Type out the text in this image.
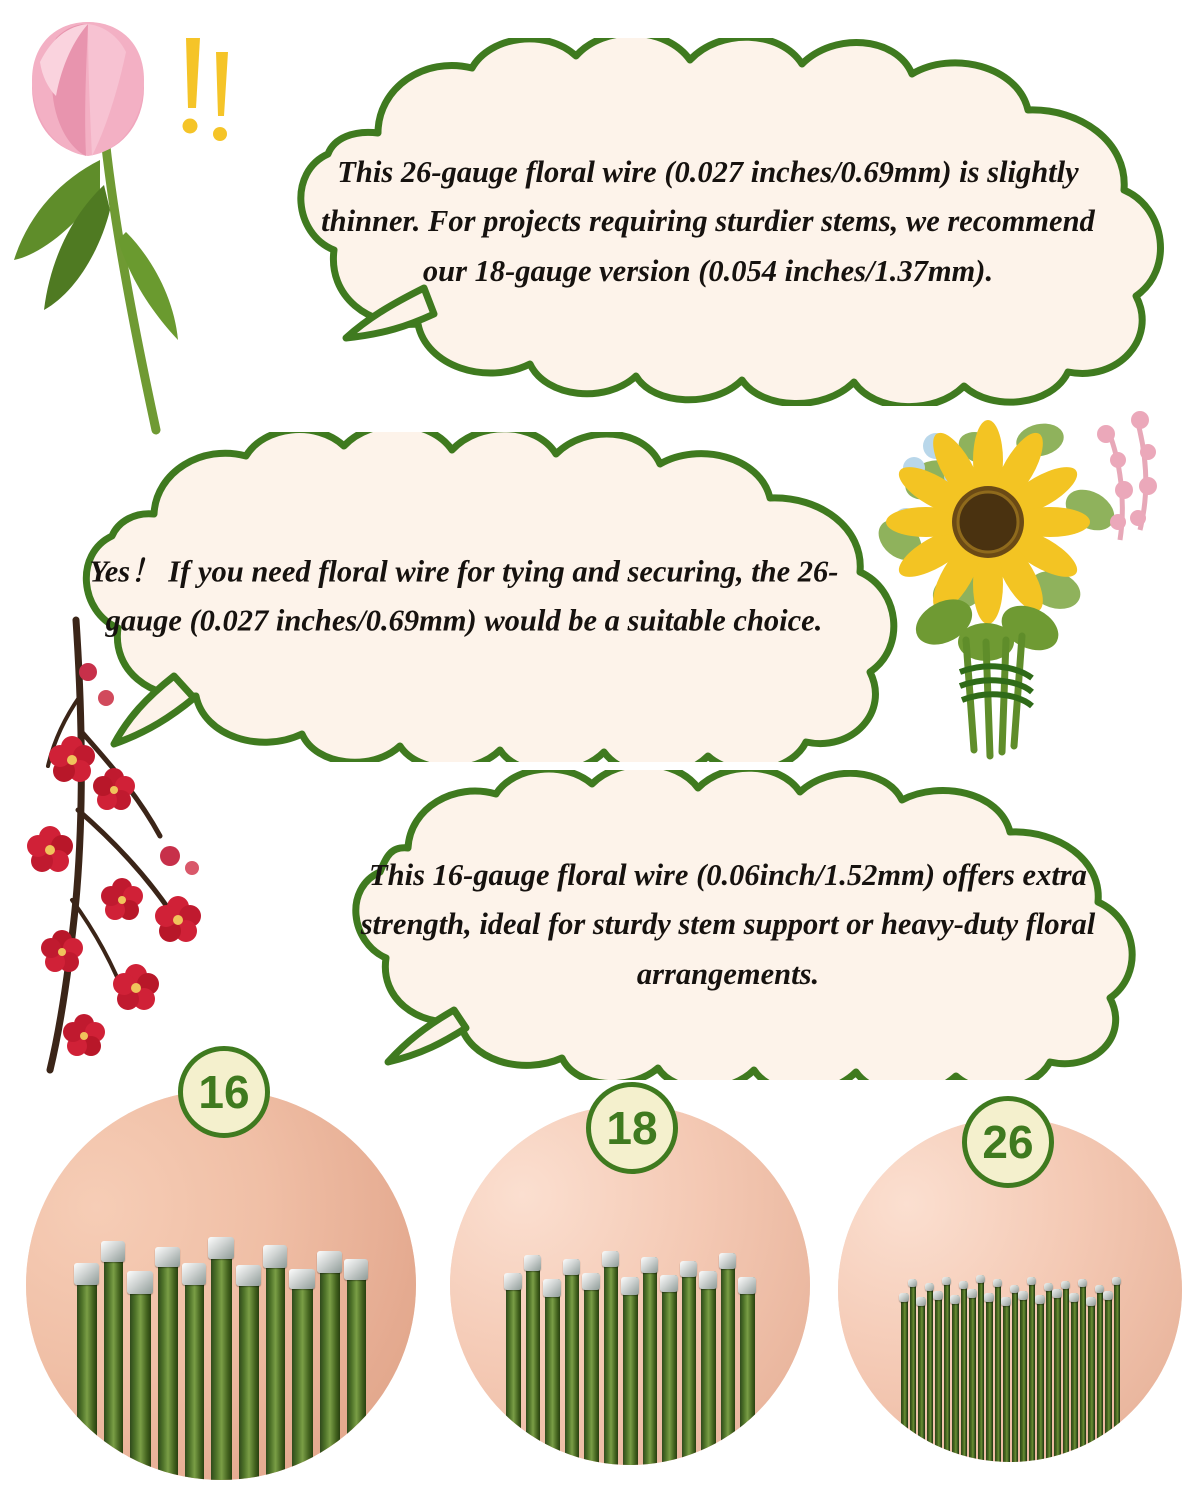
This 26-gauge floral wire (0.027 inches/0.69mm) is slightly thinner. For projects requiring sturdier stems, we recommend our 18-gauge version (0.054 inches/1.37mm).
Yes！ If you need floral wire for tying and securing, the 26-gauge (0.027 inches/0.69mm) would be a suitable choice.
This 16-gauge floral wire (0.06inch/1.52mm) offers extra strength, ideal for sturdy stem support or heavy-duty floral arrangements.
16
18	26
